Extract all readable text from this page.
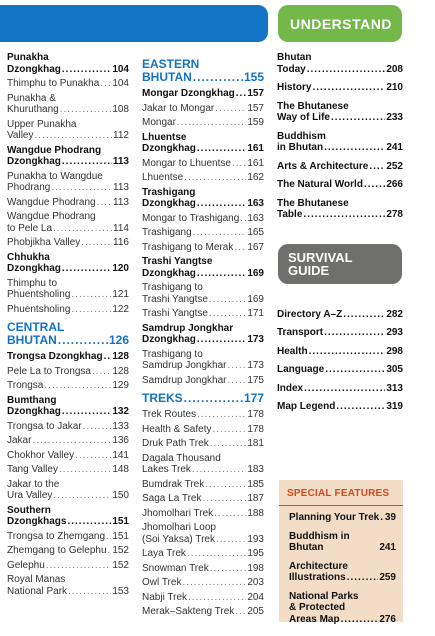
UNDERSTAND
SURVIVAL
GUIDE
Punakha
Dzongkhag .....	104
Thimphu to Punakha ..... 104
Punakha &
Khuruthang .....	108
Upper Punakha
Valley .....	112
Wangdue Phodrang
Dzongkhag .....	113
Punakha to Wangdue
Phodrang .....	113
Wangdue Phodrang ..... 113
Wangdue Phodrang
to Pele La .....	114
Phobjikha Valley .....	116
Chhukha
Dzongkhag .....	120
Thimphu to
Phuentsholing .....	121
Phuentsholing .....	122
CENTRAL
BHUTAN .....	126
Trongsa Dzongkhag ..... 128
Pele La to Trongsa ..... 128
Trongsa .....	129
Bumthang
Dzongkhag .....	132
Trongsa to Jakar .....	133
Jakar .....	136
Chokhor Valley .....	141
Tang Valley .....	148
Jakar to the
Ura Valley .....	150
Southern
Dzongkhags .....	151
Trongsa to Zhemgang ..... 151
Zhemgang to Gelephu ..... 152
Gelephu .....	152
Royal Manas
National Park .....	153
EASTERN
BHUTAN .....	155
Mongar Dzongkhag ..... 157
Jakar to Mongar .....	157
Mongar .....	159
Lhuentse
Dzongkhag .....	161
Mongar to Lhuentse ..... 161
Lhuentse .....	162
Trashigang
Dzongkhag .....	163
Mongar to Trashigang ..... 163
Trashigang .....	165
Trashigang to Merak ..... 167
Trashi Yangtse
Dzongkhag .....	169
Trashigang to
Trashi Yangtse .....	169
Trashi Yangtse .....	171
Samdrup Jongkhar
Dzongkhag .....	173
Trashigang to
Samdrup Jongkhar ..... 173
Samdrup Jongkhar ..... 175
TREKS .....	177
Trek Routes .....	178
Health & Safety .....	178
Druk Path Trek .....	181
Dagala Thousand
Lakes Trek .....	183
Bumdrak Trek .....	185
Saga La Trek .....	187
Jhomolhari Trek .....	188
Jhomolhari Loop
(Soi Yaksa) Trek .....	193
Laya Trek .....	195
Snowman Trek .....	198
Owl Trek .....	203
Nabji Trek .....	204
Merak–Sakteng Trek ..... 205
Bhutan
Today .....	208
History .....	210
The Bhutanese
Way of Life .....	233
Buddhism
in Bhutan .....	241
Arts & Architecture ..... 252
The Natural World ..... 266
The Bhutanese
Table .....	278
Directory A–Z .....	282
Transport .....	293
Health .....	298
Language .....	305
Index .....	313
Map Legend .....	319
SPECIAL FEATURES
Planning Your Trek ..... 39
Buddhism in Bhutan	241
Architecture
Illustrations .....	259
National Parks
& Protected
Areas Map .....	276
